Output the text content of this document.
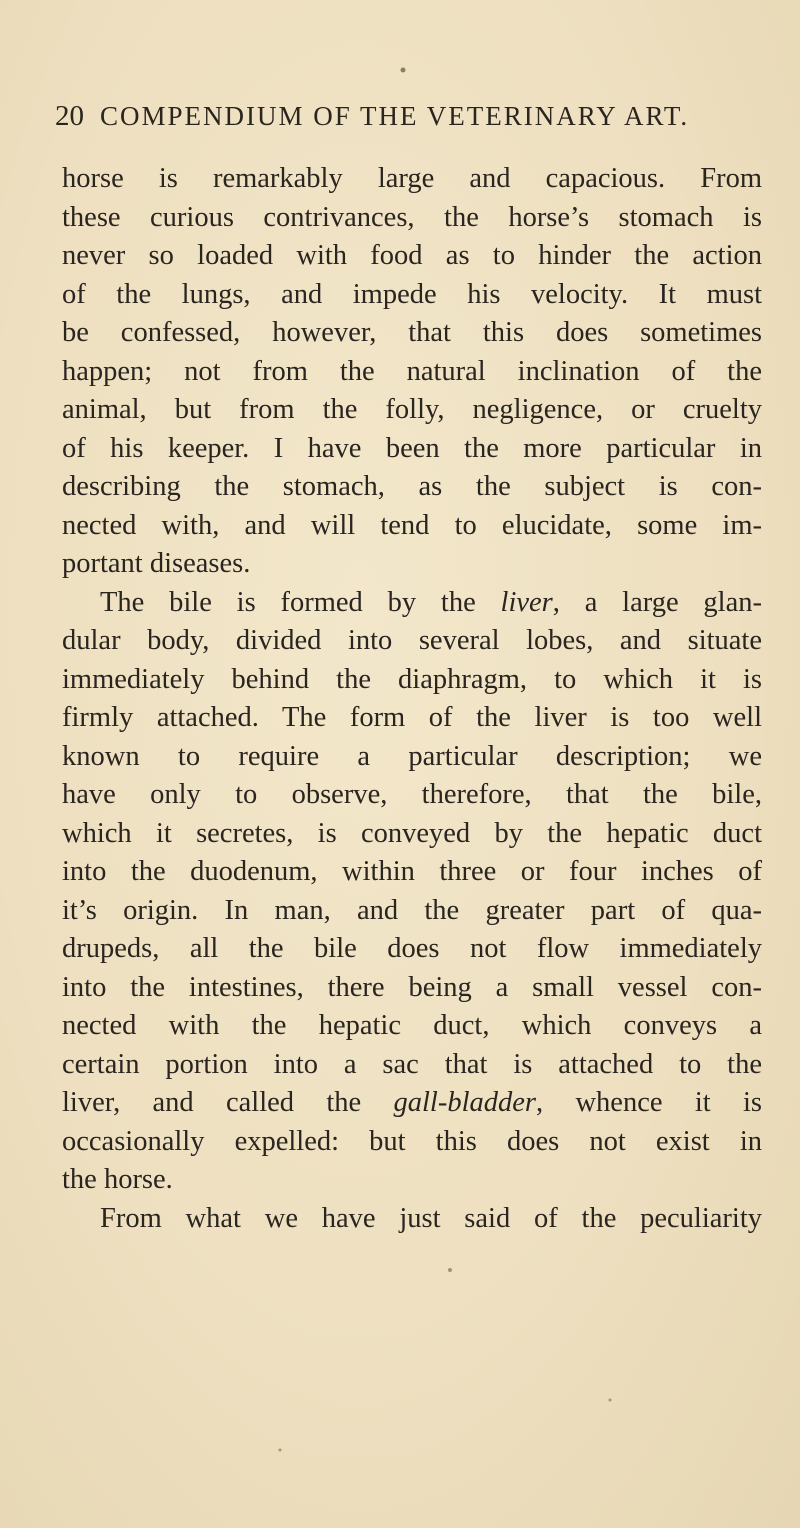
20 COMPENDIUM OF THE VETERINARY ART.
horse is remarkably large and capacious. From
these curious contrivances, the horse’s stomach is
never so loaded with food as to hinder the action
of the lungs, and impede his velocity. It must
be confessed, however, that this does sometimes
happen; not from the natural inclination of the
animal, but from the folly, negligence, or cruelty
of his keeper. I have been the more particular in
describing the stomach, as the subject is con-
nected with, and will tend to elucidate, some im-
portant diseases.
The bile is formed by the liver, a large glan-
dular body, divided into several lobes, and situate
immediately behind the diaphragm, to which it is
firmly attached. The form of the liver is too well
known to require a particular description; we
have only to observe, therefore, that the bile,
which it secretes, is conveyed by the hepatic duct
into the duodenum, within three or four inches of
it’s origin. In man, and the greater part of qua-
drupeds, all the bile does not flow immediately
into the intestines, there being a small vessel con-
nected with the hepatic duct, which conveys a
certain portion into a sac that is attached to the
liver, and called the gall-bladder, whence it is
occasionally expelled: but this does not exist in
the horse.
From what we have just said of the peculiarity
